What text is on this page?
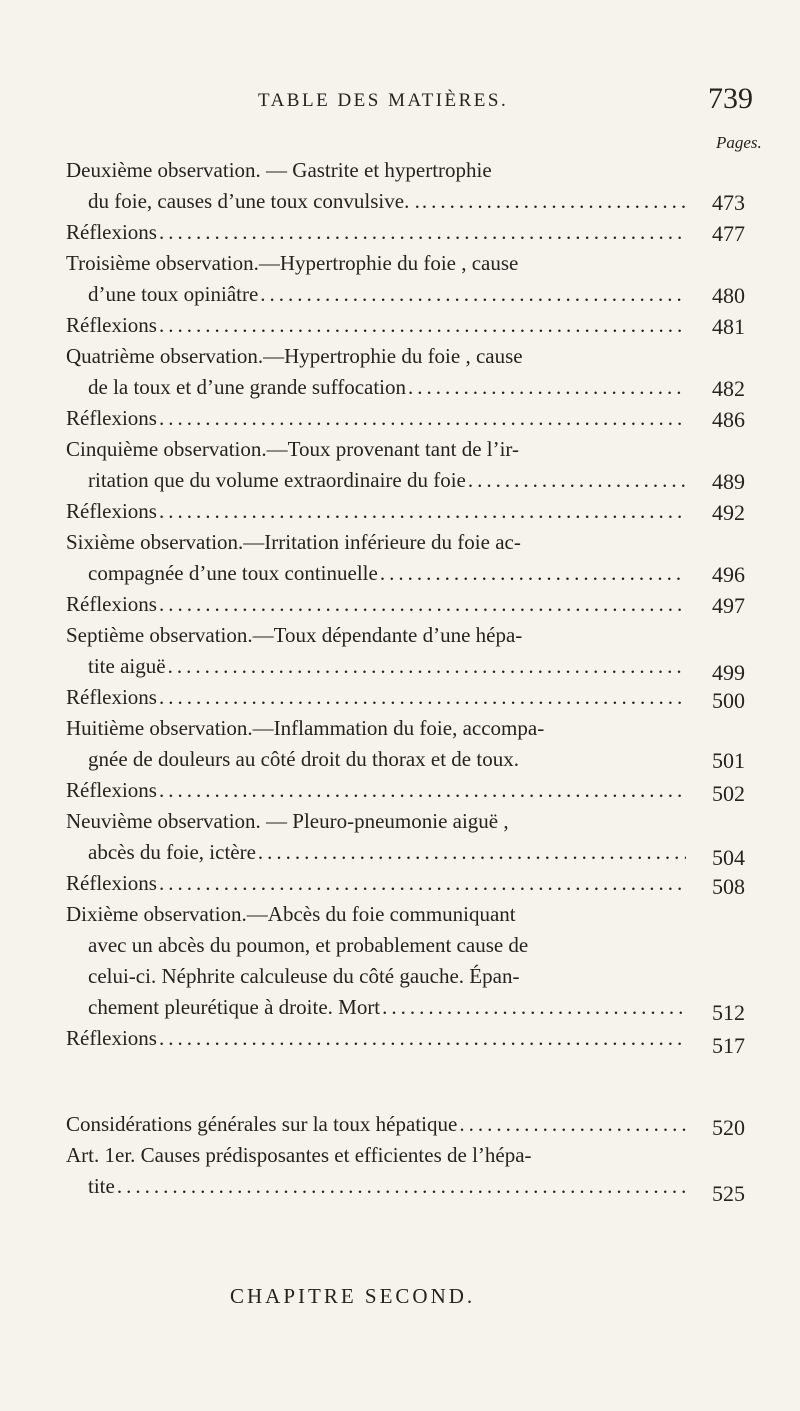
TABLE DES MATIÈRES.	739
Pages.
Deuxième observation. — Gastrite et hypertrophie
du foie, causes d’une toux convulsive. . .....	473
Réflexions .....	477
Troisième observation.—Hypertrophie du foie , cause
d’une toux opiniâtre .....	480
Réflexions .....	481
Quatrième observation.—Hypertrophie du foie , cause
de la toux et d’une grande suffocation .....	482
Réflexions .....	486
Cinquième observation.—Toux provenant tant de l’ir-
ritation que du volume extraordinaire du foie .....	489
Réflexions .....	492
Sixième observation.—Irritation inférieure du foie ac-
compagnée d’une toux continuelle .....	496
Réflexions .....	497
Septième observation.—Toux dépendante d’une hépa-
tite aiguë .....	499
Réflexions .....	500
Huitième observation.—Inflammation du foie, accompa-
gnée de douleurs au côté droit du thorax et de toux.	501
Réflexions .....	502
Neuvième observation. — Pleuro-pneumonie aiguë ,
abcès du foie, ictère .....	504
Réflexions .....	508
Dixième observation.—Abcès du foie communiquant
avec un abcès du poumon, et probablement cause de
celui-ci. Néphrite calculeuse du côté gauche. Épan-
chement pleurétique à droite. Mort .....	512
Réflexions .....	517
CHAPITRE SECOND.
Considérations générales sur la toux hépatique .....	520
Art. 1er. Causes prédisposantes et efficientes de l’hépa-
tite .....	525
